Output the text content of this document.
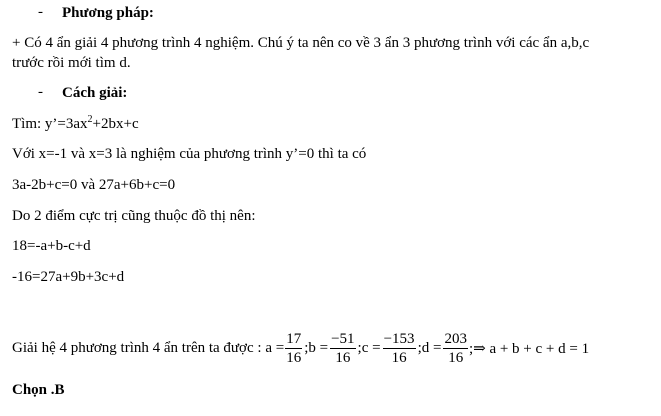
- Phương pháp:
+ Có 4 ẩn giải 4 phương trình 4 nghiệm. Chú ý ta nên co về 3 ẩn 3 phương trình với các ẩn a,b,c
trước rồi mới tìm d.
- Cách giải:
Tìm: $y’=3ax^2+2bx+c$
Với x=-1 và x=3 là nghiệm của phương trình y’=0 thì ta có
3a-2b+c=0 và 27a+6b+c=0
Do 2 điểm cực trị cũng thuộc đồ thị nên:
18=-a+b-c+d
-16=27a+9b+3c+d
Giải hệ 4 phương trình 4 ẩn trên ta được : $a = \frac{17}{16}$ ;b = $\frac{-51}{16}$ ;c = $\frac{-153}{16}$ ;d = $\frac{203}{16}$ ;⇒ a + b + c + d = 1
Chọn .B
